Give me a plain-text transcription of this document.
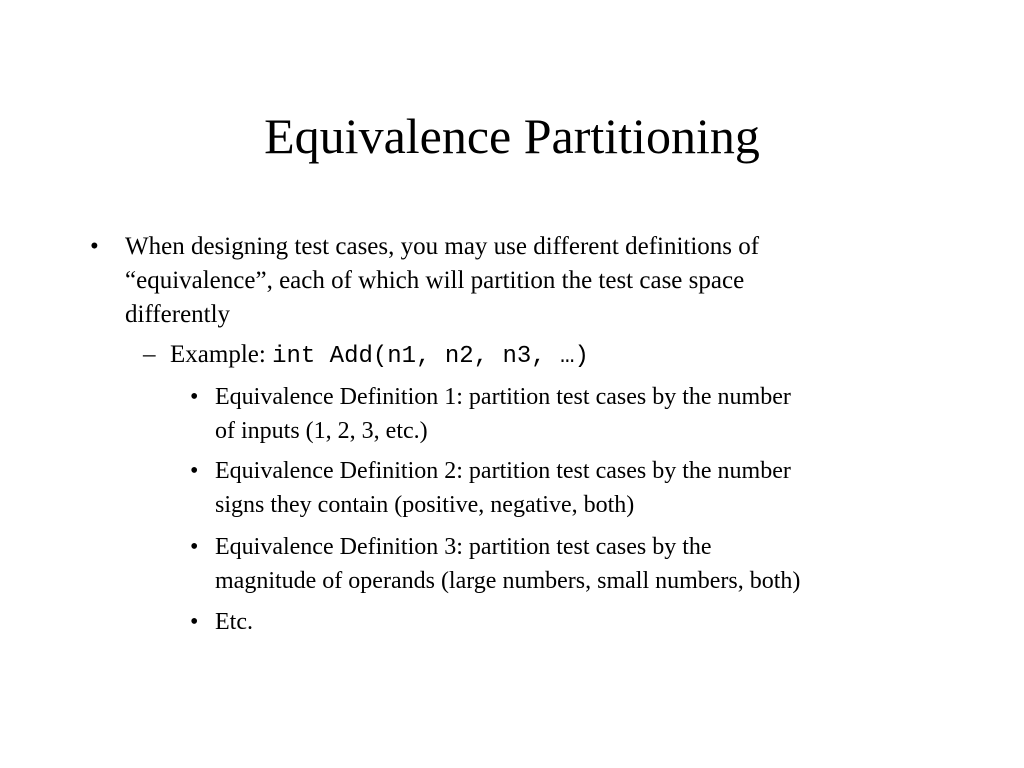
Equivalence Partitioning
• When designing test cases, you may use different definitions of
“equivalence”, each of which will partition the test case space
differently
– Example: int Add(n1, n2, n3, …)
• Equivalence Definition 1: partition test cases by the number
of inputs (1, 2, 3, etc.)
• Equivalence Definition 2: partition test cases by the number
signs they contain (positive, negative, both)
• Equivalence Definition 3: partition test cases by the
magnitude of operands (large numbers, small numbers, both)
• Etc.
